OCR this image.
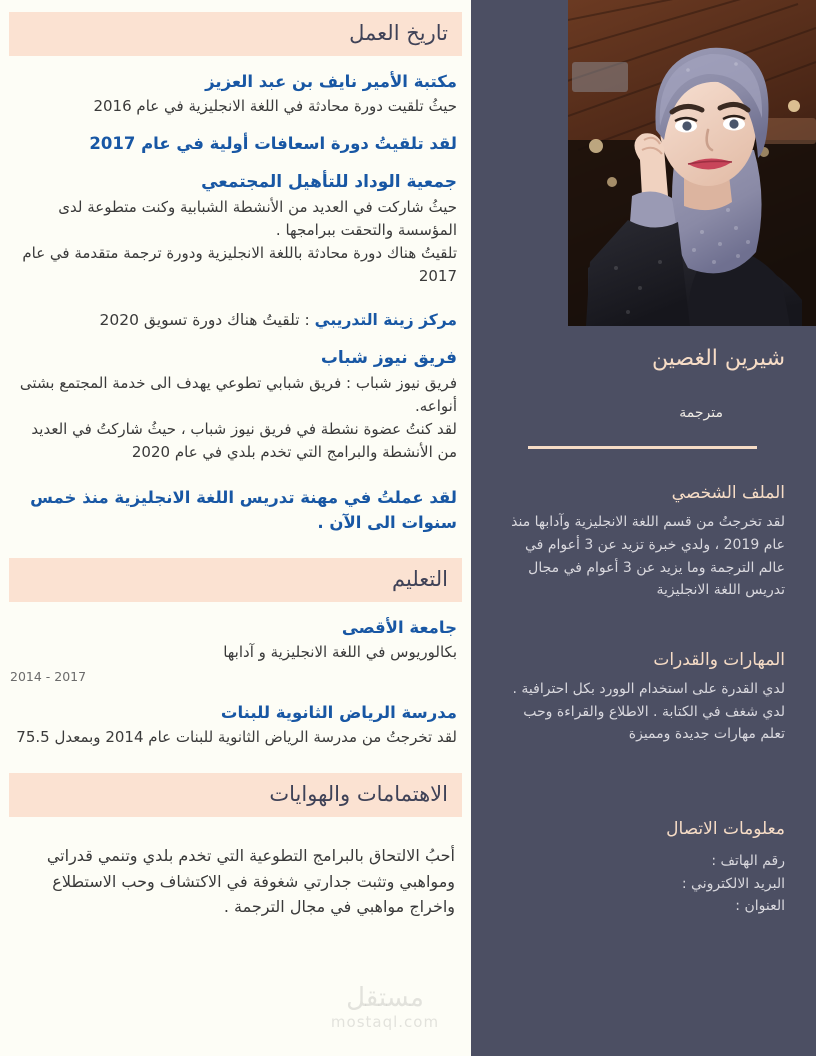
تاريخ العمل

مكتبة الأمير نايف بن عبد العزيز

حيثُ تلقيت دورة محادثة في اللغة الانجليزية في عام 2016

لقد تلقيتُ دورة اسعافات أولية في عام 2017

جمعية الوداد للتأهيل المجتمعي

حيثُ شاركت في العديد من الأنشطة الشبابية وكنت متطوعة لدى المؤسسة والتحقت ببرامجها .

تلقيتُ هناك دورة محادثة باللغة الانجليزية ودورة ترجمة متقدمة في عام 2017

مركز زينة التدريبي : تلقيتُ هناك دورة تسويق 2020

فريق نيوز شباب

فريق نيوز شباب : فريق شبابي تطوعي يهدف الى خدمة المجتمع بشتى أنواعه.

لقد كنتُ عضوة نشطة في فريق نيوز شباب ، حيثُ شاركتُ في العديد من الأنشطة والبرامج التي تخدم بلدي في عام 2020

لقد عملتُ في مهنة تدريس اللغة الانجليزية منذ خمس سنوات الى الآن .

التعليم

جامعة الأقصى

بكالوريوس في اللغة الانجليزية و آدابها

2014 - 2017

مدرسة الرياض الثانوية للبنات

لقد تخرجتُ من مدرسة الرياض الثانوية للبنات عام 2014 وبمعدل 75.5

الاهتمامات والهوايات

أحبُ الالتحاق بالبرامج التطوعية التي تخدم بلدي وتنمي قدراتي ومواهبي وتثبت جدارتي شغوفة في الاكتشاف وحب الاستطلاع واخراج مواهبي في مجال الترجمة .

مستقل
mostaql.com
شيرين الغصين
مترجمة
الملف الشخصي

لقد تخرجتُ من قسم اللغة الانجليزية وآدابها منذ عام 2019 ، ولدي خبرة تزيد عن 3 أعوام في عالم الترجمة وما يزيد عن 3 أعوام في مجال تدريس اللغة الانجليزية

المهارات والقدرات

لدي القدرة على استخدام الوورد بكل احترافية . لدي شغف في الكتابة . الاطلاع والقراءة وحب تعلم مهارات جديدة ومميزة

معلومات الاتصال

رقم الهاتف :

البريد الالكتروني :

العنوان :
